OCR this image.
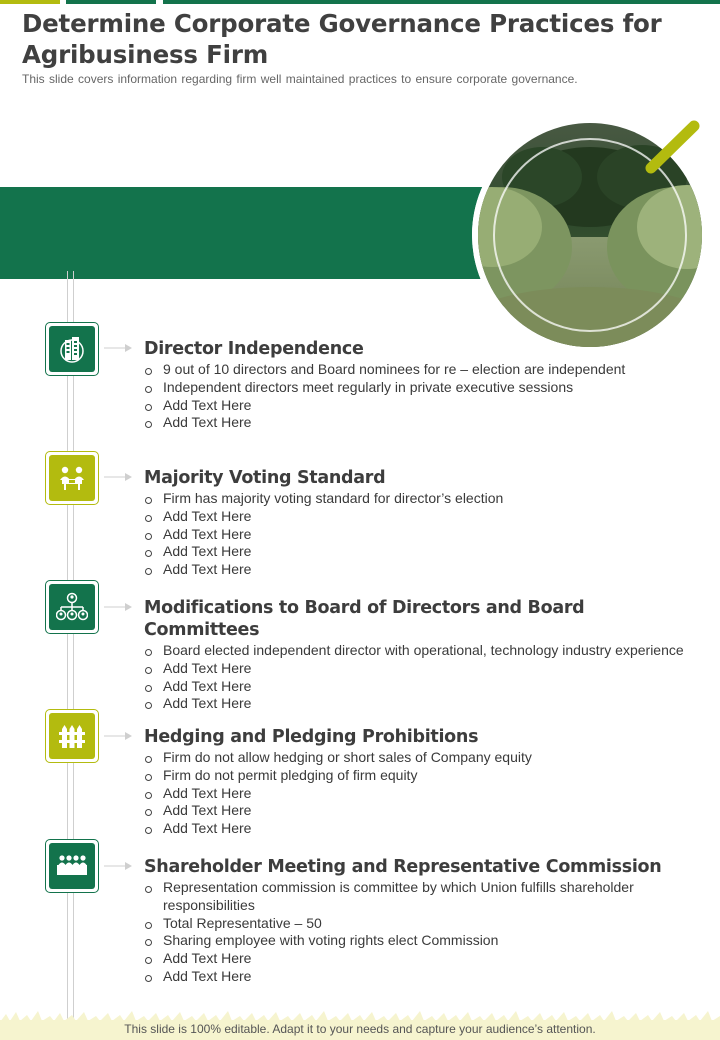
Determine Corporate Governance Practices for Agribusiness Firm

This slide covers information regarding firm well maintained practices to ensure corporate governance.

Director Independence
9 out of 10 directors and Board nominees for re – election are independent
Independent directors meet regularly in private executive sessions
Add Text Here
Add Text Here
Majority Voting Standard
Firm has majority voting standard for director’s election
Add Text Here
Add Text Here
Add Text Here
Add Text Here
Modifications to Board of Directors and Board Committees
Board elected independent director with operational, technology industry experience
Add Text Here
Add Text Here
Add Text Here
Hedging and Pledging Prohibitions
Firm do not allow hedging or short sales of Company equity
Firm do not permit pledging of firm equity
Add Text Here
Add Text Here
Add Text Here
Shareholder Meeting and Representative Commission
Representation commission is committee by which Union fulfills shareholder responsibilities
Total Representative – 50
Sharing employee with voting rights elect Commission
Add Text Here
Add Text Here
This slide is 100% editable. Adapt it to your needs and capture your audience’s attention.
